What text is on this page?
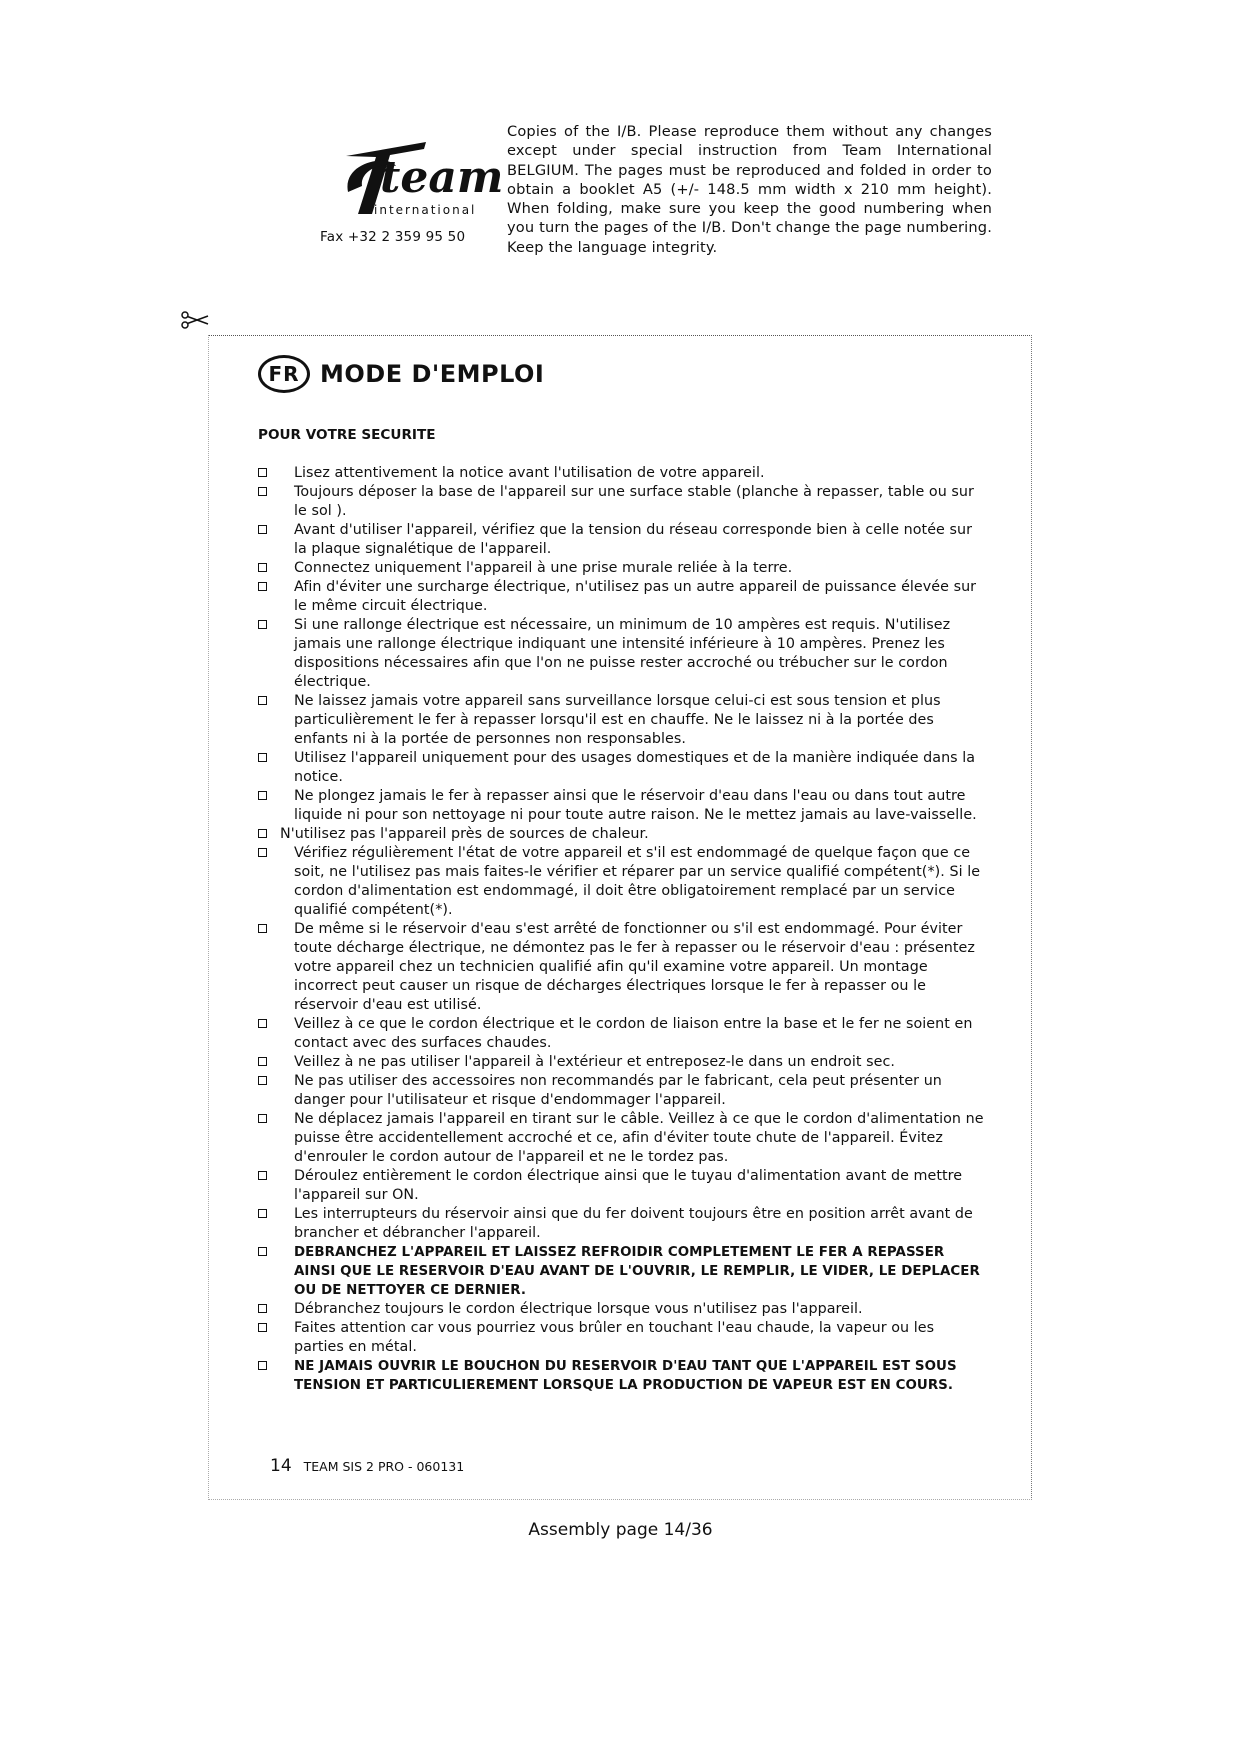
team
international
Fax +32 2 359 95 50
Copies of the I/B. Please reproduce them without any changes except under special instruction from Team International BELGIUM. The pages must be reproduced and folded in order to obtain a booklet A5 (+/- 148.5 mm width x 210 mm height). When folding, make sure you keep the good numbering when you turn the pages of the I/B. Don't change the page numbering. Keep the language integrity.
FR MODE D'EMPLOI
POUR VOTRE SECURITE
Lisez attentivement la notice avant l'utilisation de votre appareil.
Toujours déposer la base de l'appareil sur une surface stable (planche à repasser, table ou sur le sol ).
Avant d'utiliser l'appareil, vérifiez que la tension du réseau corresponde bien à celle notée sur la plaque signalétique de l'appareil.
Connectez uniquement l'appareil à une prise murale reliée à la terre.
Afin d'éviter une surcharge électrique, n'utilisez pas un autre appareil de puissance élevée sur le même circuit électrique.
Si une rallonge électrique est nécessaire, un minimum de 10 ampères est requis. N'utilisez jamais une rallonge électrique indiquant une intensité inférieure à 10 ampères. Prenez les dispositions nécessaires afin que l'on ne puisse rester accroché ou trébucher sur le cordon électrique.
Ne laissez jamais votre appareil sans surveillance lorsque celui-ci est sous tension et plus particulièrement le fer à repasser lorsqu'il est en chauffe. Ne le laissez ni à la portée des enfants ni à la portée de personnes non responsables.
Utilisez l'appareil uniquement pour des usages domestiques et de la manière indiquée dans la notice.
Ne plongez jamais le fer à repasser ainsi que le réservoir d'eau dans l'eau ou dans tout autre liquide ni pour son nettoyage ni pour toute autre raison. Ne le mettez jamais au lave-vaisselle.
N'utilisez pas l'appareil près de sources de chaleur.
Vérifiez régulièrement l'état de votre appareil et s'il est endommagé de quelque façon que ce soit, ne l'utilisez pas mais faites-le vérifier et réparer par un service qualifié compétent(*). Si le cordon d'alimentation est endommagé, il doit être obligatoirement remplacé par un service qualifié compétent(*).
De même si le réservoir d'eau s'est arrêté de fonctionner ou s'il est endommagé. Pour éviter toute décharge électrique, ne démontez pas le fer à repasser ou le réservoir d'eau : présentez votre appareil chez un technicien qualifié afin qu'il examine votre appareil. Un montage incorrect peut causer un risque de décharges électriques lorsque le fer à repasser ou le réservoir d'eau est utilisé.
Veillez à ce que le cordon électrique et le cordon de liaison entre la base et le fer ne soient en contact avec des surfaces chaudes.
Veillez à ne pas utiliser l'appareil à l'extérieur et entreposez-le dans un endroit sec.
Ne pas utiliser des accessoires non recommandés par le fabricant, cela peut présenter un danger pour l'utilisateur et risque d'endommager l'appareil.
Ne déplacez jamais l'appareil en tirant sur le câble. Veillez à ce que le cordon d'alimentation ne puisse être accidentellement accroché et ce, afin d'éviter toute chute de l'appareil. Évitez d'enrouler le cordon autour de l'appareil et ne le tordez pas.
Déroulez entièrement le cordon électrique ainsi que le tuyau d'alimentation avant de mettre l'appareil sur ON.
Les interrupteurs du réservoir ainsi que du fer doivent toujours être en position arrêt avant de brancher et débrancher l'appareil.
DEBRANCHEZ L'APPAREIL ET LAISSEZ REFROIDIR COMPLETEMENT LE FER A REPASSER AINSI QUE LE RESERVOIR D'EAU AVANT DE L'OUVRIR, LE REMPLIR, LE VIDER, LE DEPLACER OU DE NETTOYER CE DERNIER.
Débranchez toujours le cordon électrique lorsque vous n'utilisez pas l'appareil.
Faites attention car vous pourriez vous brûler en touchant l'eau chaude, la vapeur ou les parties en métal.
NE JAMAIS OUVRIR LE BOUCHON DU RESERVOIR D'EAU TANT QUE L'APPAREIL EST SOUS TENSION ET PARTICULIEREMENT LORSQUE LA PRODUCTION DE VAPEUR EST EN COURS.
14 TEAM SIS 2 PRO - 060131
Assembly page 14/36
